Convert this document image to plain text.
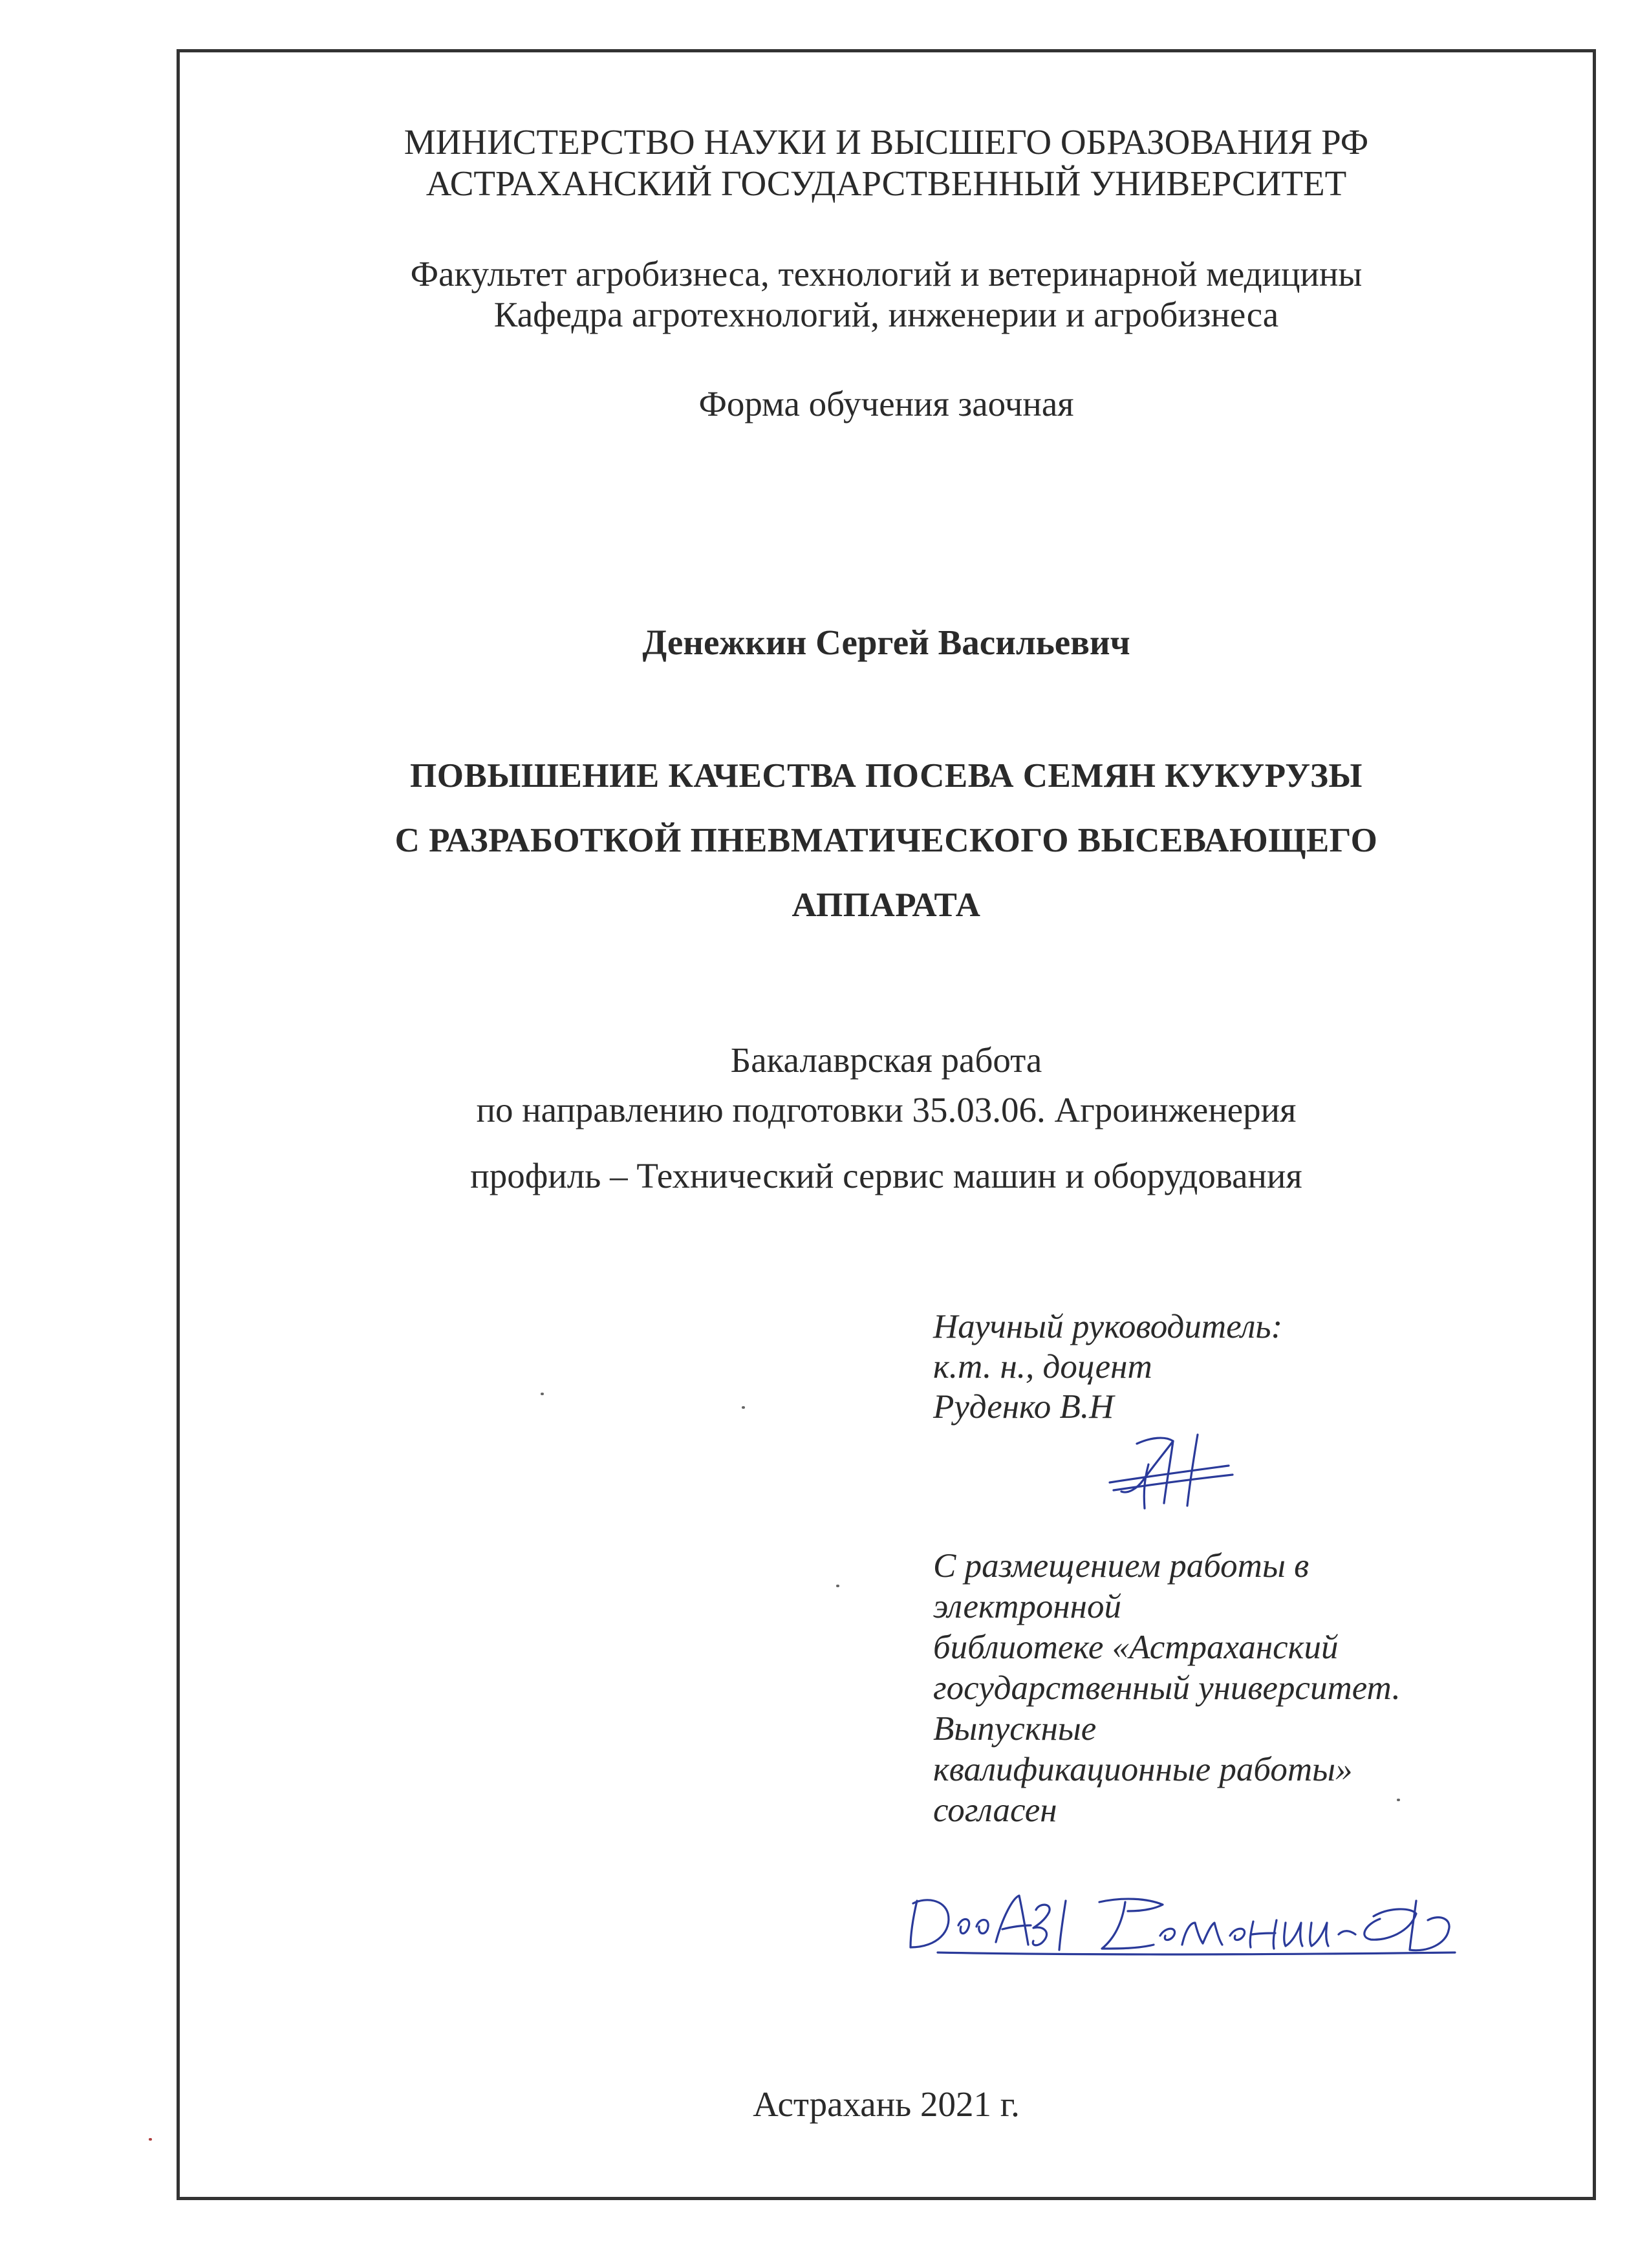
МИНИСТЕРСТВО НАУКИ И ВЫСШЕГО ОБРАЗОВАНИЯ РФ
АСТРАХАНСКИЙ ГОСУДАРСТВЕННЫЙ УНИВЕРСИТЕТ
Факультет агробизнеса, технологий и ветеринарной медицины
Кафедра агротехнологий, инженерии и агробизнеса
Форма обучения заочная
Денежкин Сергей Васильевич
ПОВЫШЕНИЕ КАЧЕСТВА ПОСЕВА СЕМЯН КУКУРУЗЫ
С РАЗРАБОТКОЙ ПНЕВМАТИЧЕСКОГО ВЫСЕВАЮЩЕГО
АППАРАТА
Бакалаврская работа
по направлению подготовки 35.03.06. Агроинженерия
профиль – Технический сервис машин и оборудования
Научный руководитель:
к.т. н., доцент
Руденко В.Н
С размещением работы в
электронной
библиотеке «Астраханский
государственный университет.
Выпускные
квалификационные работы»
согласен
Астрахань 2021 г.
